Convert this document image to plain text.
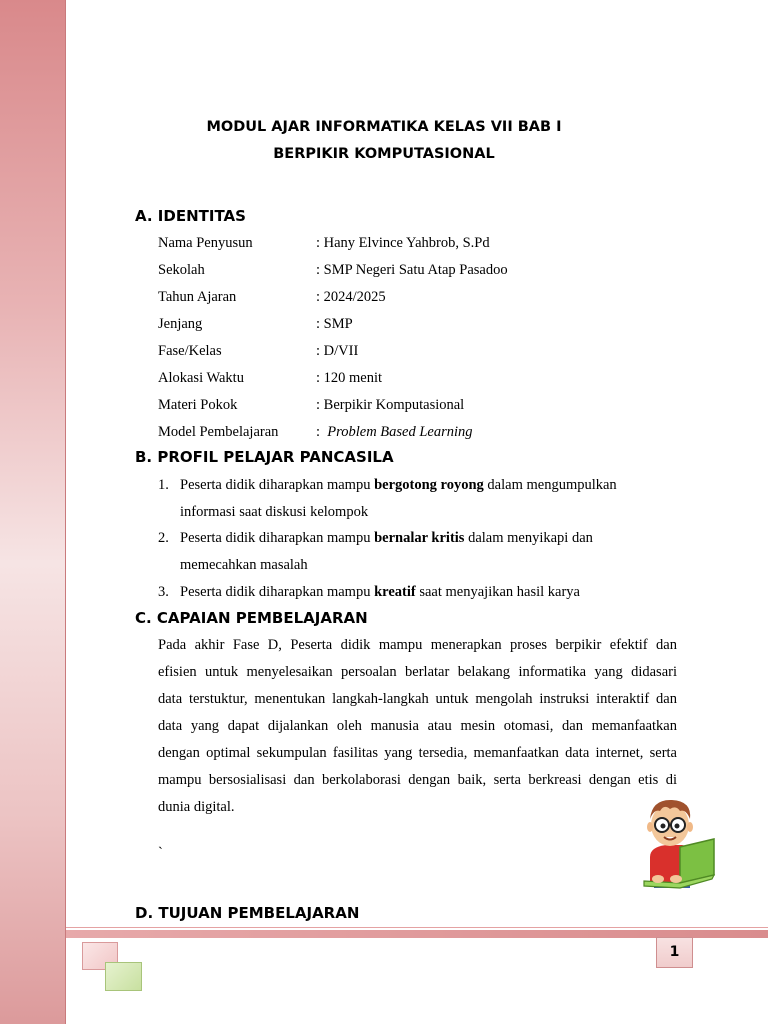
MODUL AJAR INFORMATIKA KELAS VII BAB I
BERPIKIR KOMPUTASIONAL
A. IDENTITAS
Nama Penyusun	: Hany Elvince Yahbrob, S.Pd
Sekolah	: SMP Negeri Satu Atap Pasadoo
Tahun Ajaran	: 2024/2025
Jenjang	: SMP
Fase/Kelas	: D/VII
Alokasi Waktu	: 120 menit
Materi Pokok	: Berpikir Komputasional
Model Pembelajaran	:  Problem Based Learning
B. PROFIL PELAJAR PANCASILA
1. Peserta didik diharapkan mampu bergotong royong dalam mengumpulkan
informasi saat diskusi kelompok
2. Peserta didik diharapkan mampu bernalar kritis dalam menyikapi dan
memecahkan masalah
3. Peserta didik diharapkan mampu kreatif saat menyajikan hasil karya
C. CAPAIAN PEMBELAJARAN
Pada akhir Fase D, Peserta didik mampu menerapkan proses berpikir efektif dan
efisien untuk menyelesaikan persoalan berlatar belakang informatika yang didasari
data terstuktur, menentukan langkah-langkah untuk mengolah instruksi interaktif dan
data yang dapat dijalankan oleh manusia atau mesin otomasi, dan memanfaatkan
dengan optimal sekumpulan fasilitas yang tersedia, memanfaatkan data internet, serta
mampu bersosialisasi dan berkolaborasi dengan baik, serta berkreasi dengan etis di
dunia digital.
`
D. TUJUAN PEMBELAJARAN
1
